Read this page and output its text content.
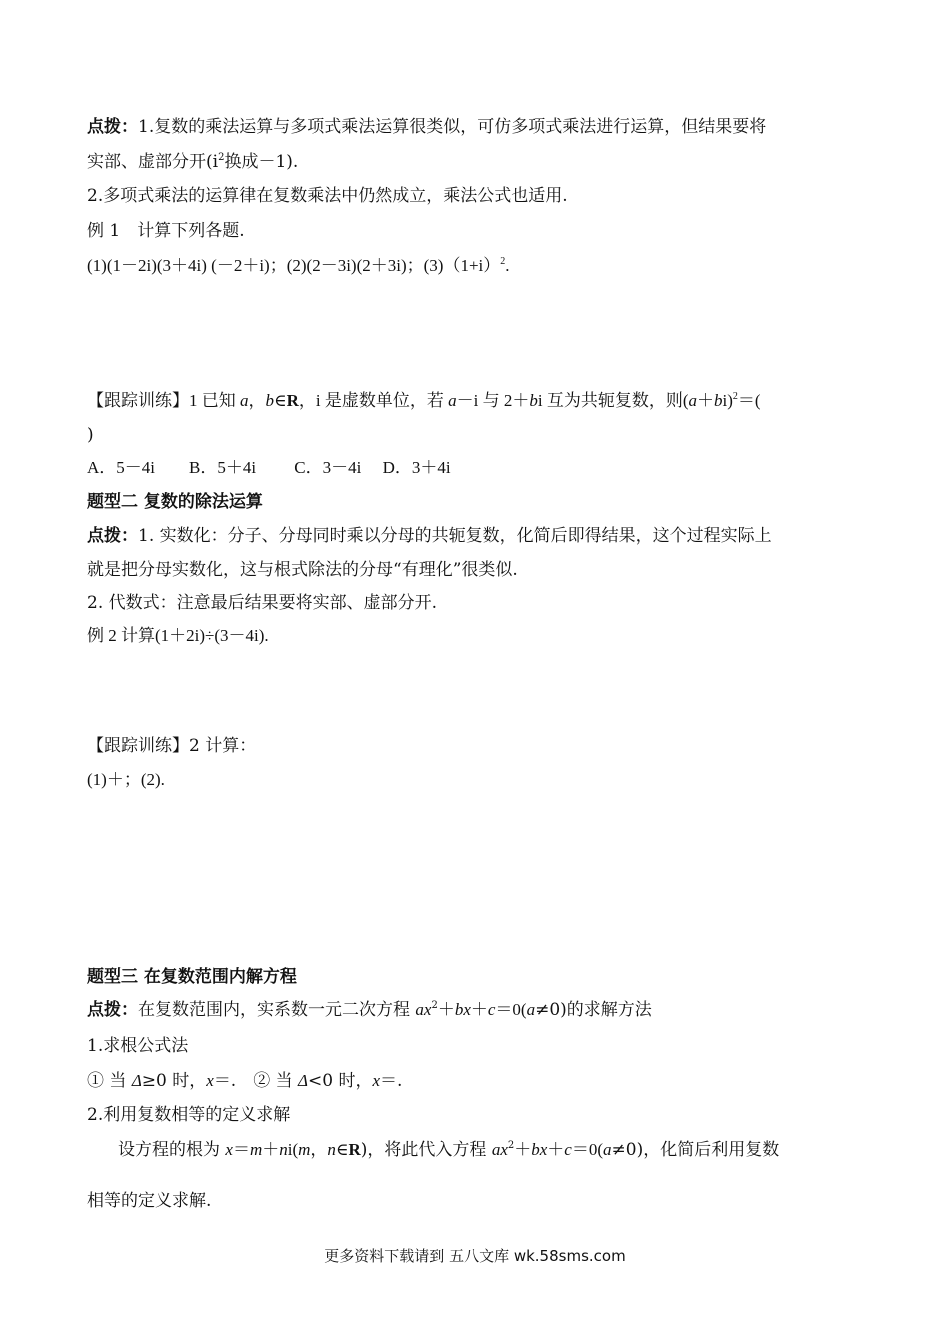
点拨：1.复数的乘法运算与多项式乘法运算很类似，可仿多项式乘法进行运算，但结果要将
实部、虚部分开($i^2$换成－1).
2.多项式乘法的运算律在复数乘法中仍然成立，乘法公式也适用.
例 1　计算下列各题.
(1)(1－2i)(3＋4i) (－2＋i)；(2)(2－3i)(2＋3i)；$(3)(1+i)^2$.
【跟踪训练】1 已知 a，b∈R，i 是虚数单位，若 a－i 与 2＋bi 互为共轭复数，则$(a+bi)^2=$(
)
A．5－4i　　B．5＋4i　　 C．3－4i　 D．3＋4i
题型二 复数的除法运算
点拨：1. 实数化：分子、分母同时乘以分母的共轭复数，化简后即得结果，这个过程实际上
就是把分母实数化，这与根式除法的分母“有理化”很类似.
2. 代数式：注意最后结果要将实部、虚部分开.
例 2 计算(1＋2i)÷(3－4i).
【跟踪训练】2 计算：
(1)＋；(2).
题型三 在复数范围内解方程
点拨：在复数范围内，实系数一元二次方程 $ax^2+bx+c=0(a\ne 0)$的求解方法
1.求根公式法
① 当 Δ≥0 时，x＝.　② 当 Δ<0 时，x＝.
2.利用复数相等的定义求解
设方程的根为 x＝m＋ni(m，n∈R)，将此代入方程 $ax^2+bx+c=0(a\ne 0)$，化简后利用复数
相等的定义求解.
更多资料下载请到 五八文库 wk.58sms.com
